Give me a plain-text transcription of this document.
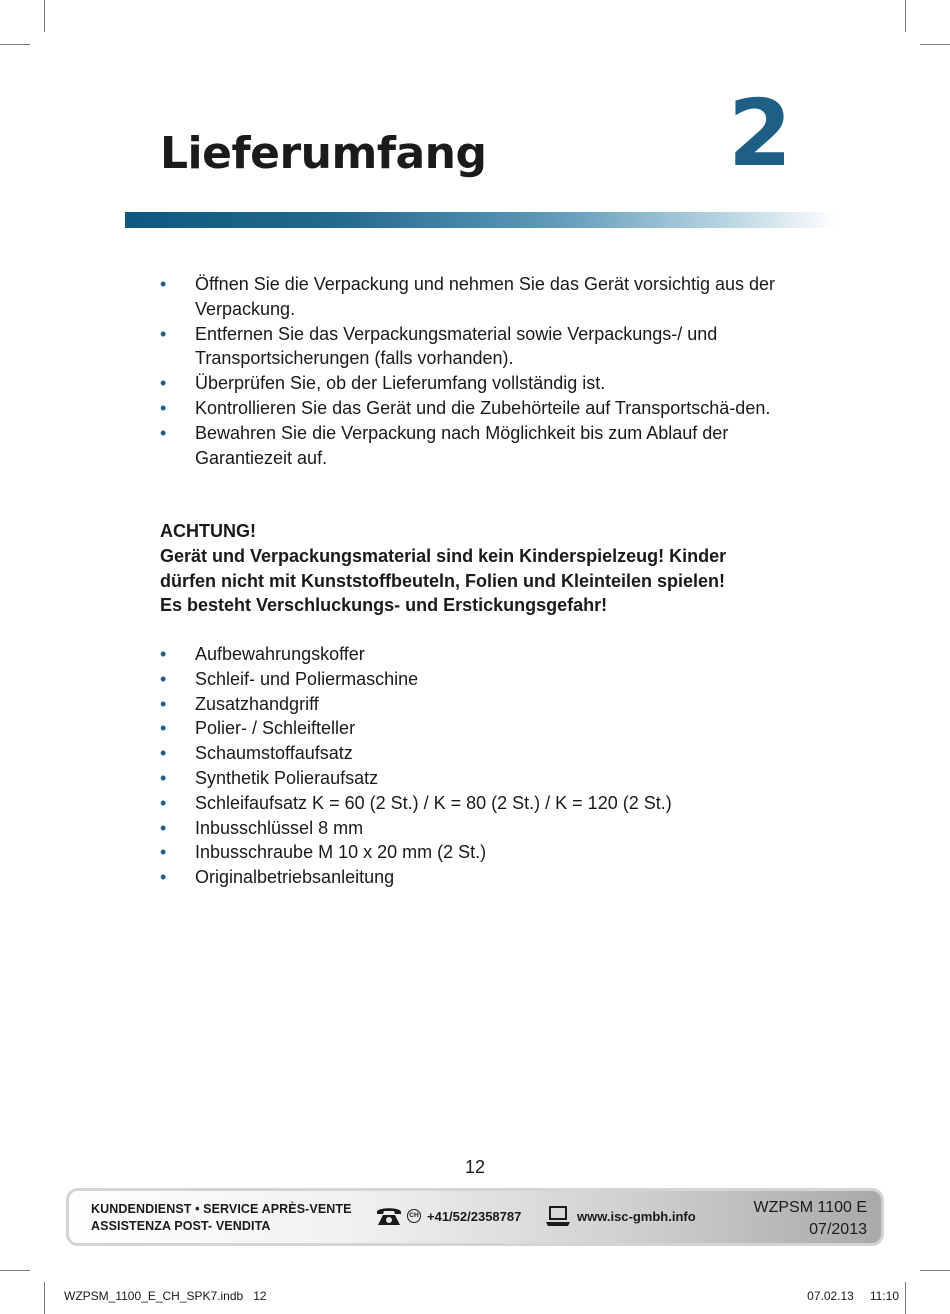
Lieferumfang	2
• Öffnen Sie die Verpackung und nehmen Sie das Gerät vorsichtig aus der Verpackung.
• Entfernen Sie das Verpackungsmaterial sowie Verpackungs-/ und Transportsicherungen (falls vorhanden).
• Überprüfen Sie, ob der Lieferumfang vollständig ist.
• Kontrollieren Sie das Gerät und die Zubehörteile auf Transportschä-den.
• Bewahren Sie die Verpackung nach Möglichkeit bis zum Ablauf der Garantiezeit auf.
ACHTUNG!
Gerät und Verpackungsmaterial sind kein Kinderspielzeug! Kinder
dürfen nicht mit Kunststoffbeuteln, Folien und Kleinteilen spielen!
Es besteht Verschluckungs- und Erstickungsgefahr!
• Aufbewahrungskoffer
• Schleif- und Poliermaschine
• Zusatzhandgriff
• Polier- / Schleifteller
• Schaumstoffaufsatz
• Synthetik Polieraufsatz
• Schleifaufsatz K = 60 (2 St.) / K = 80 (2 St.) / K = 120 (2 St.)
• Inbusschlüssel 8 mm
• Inbusschraube M 10 x 20 mm (2 St.)
• Originalbetriebsanleitung
12
KUNDENDIENST • SERVICE APRÈS-VENTE
ASSISTENZA POST- VENDITA
CH +41/52/2358787	www.isc-gmbh.info	WZPSM 1100 E
07/2013
WZPSM_1100_E_CH_SPK7.indb   12	07.02.13 11:10
